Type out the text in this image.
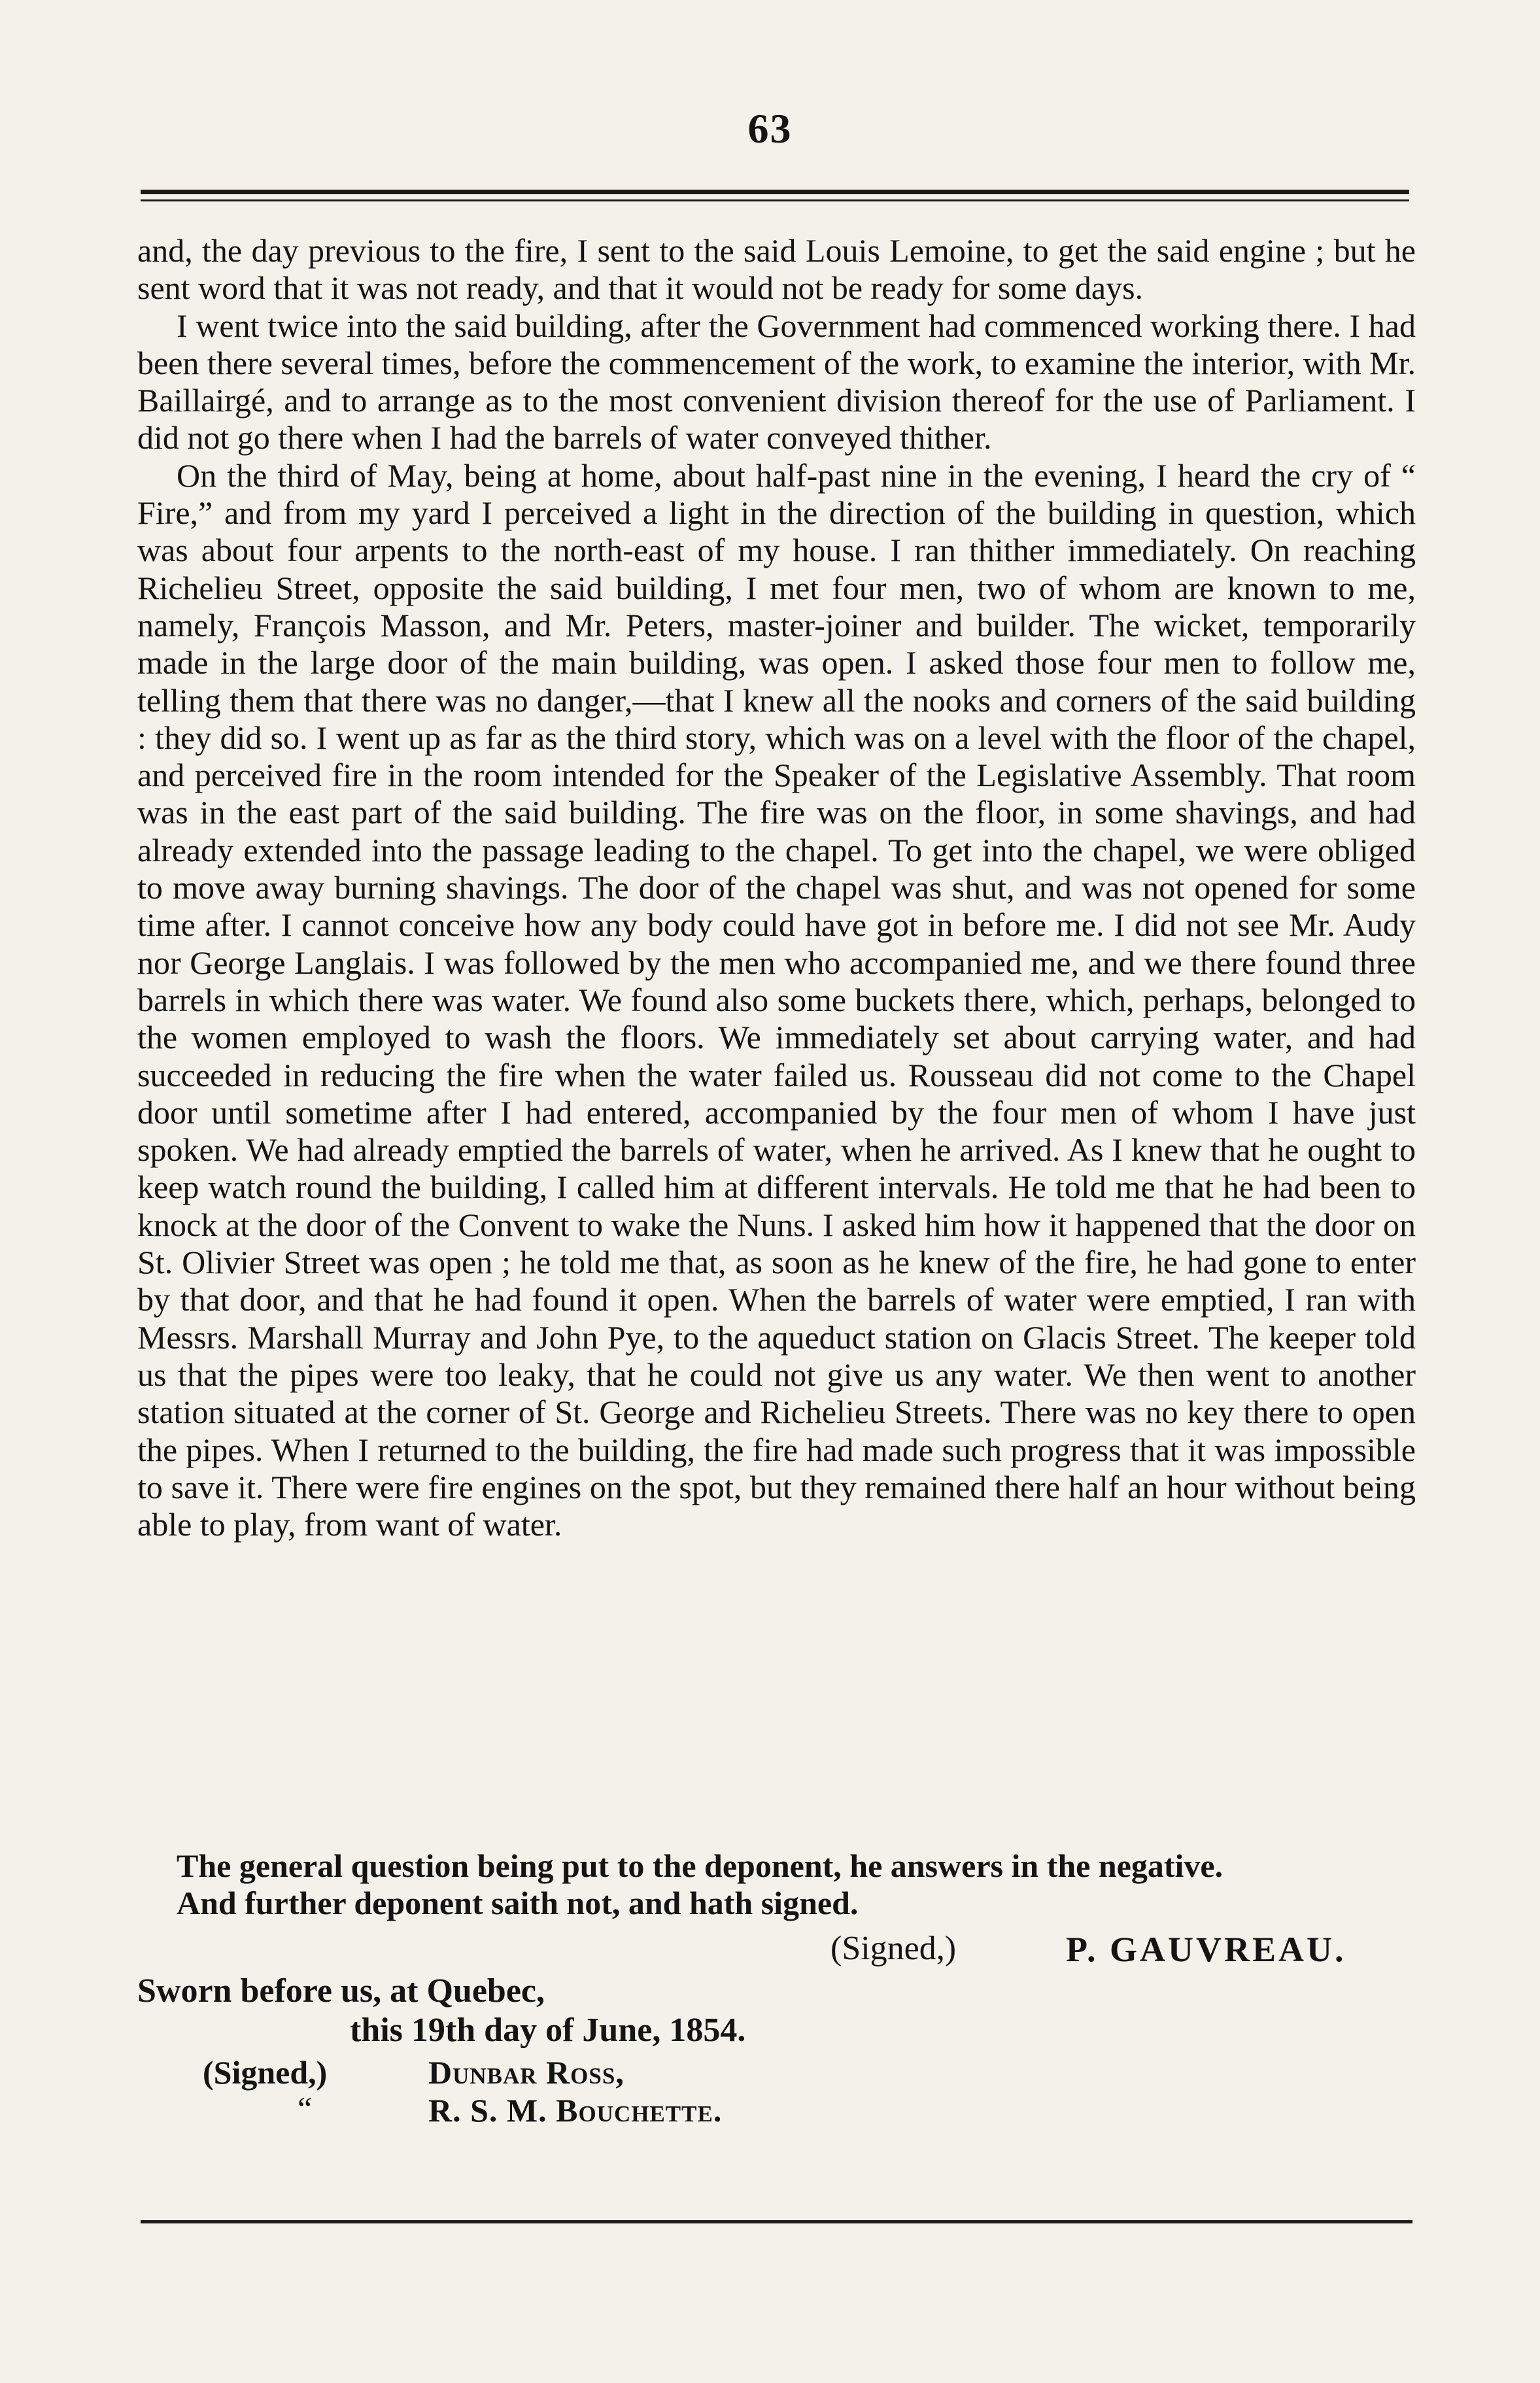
63

and, the day previous to the fire, I sent to the said Louis Lemoine, to get the said engine ; but he sent word that it was not ready, and that it would not be ready for some days.

I went twice into the said building, after the Government had commenced working there. I had been there several times, before the commencement of the work, to examine the interior, with Mr. Baillairgé, and to arrange as to the most convenient division thereof for the use of Parliament. I did not go there when I had the barrels of water conveyed thither.

On the third of May, being at home, about half-past nine in the evening, I heard the cry of “ Fire,” and from my yard I perceived a light in the direction of the building in question, which was about four arpents to the north-east of my house. I ran thither immediately. On reaching Richelieu Street, opposite the said building, I met four men, two of whom are known to me, namely, François Masson, and Mr. Peters, master-joiner and builder. The wicket, temporarily made in the large door of the main building, was open. I asked those four men to follow me, telling them that there was no danger,—that I knew all the nooks and corners of the said building : they did so. I went up as far as the third story, which was on a level with the floor of the chapel, and perceived fire in the room intended for the Speaker of the Legislative Assembly. That room was in the east part of the said building. The fire was on the floor, in some shavings, and had already extended into the passage leading to the chapel. To get into the chapel, we were obliged to move away burning shavings. The door of the chapel was shut, and was not opened for some time after. I cannot conceive how any body could have got in before me. I did not see Mr. Audy nor George Langlais. I was followed by the men who accompanied me, and we there found three barrels in which there was water. We found also some buckets there, which, perhaps, belonged to the women employed to wash the floors. We immediately set about carrying water, and had succeeded in reducing the fire when the water failed us. Rousseau did not come to the Chapel door until sometime after I had entered, accompanied by the four men of whom I have just spoken. We had already emptied the barrels of water, when he arrived. As I knew that he ought to keep watch round the building, I called him at different intervals. He told me that he had been to knock at the door of the Convent to wake the Nuns. I asked him how it happened that the door on St. Olivier Street was open ; he told me that, as soon as he knew of the fire, he had gone to enter by that door, and that he had found it open. When the barrels of water were emptied, I ran with Messrs. Marshall Murray and John Pye, to the aqueduct station on Glacis Street. The keeper told us that the pipes were too leaky, that he could not give us any water. We then went to another station situated at the corner of St. George and Richelieu Streets. There was no key there to open the pipes. When I returned to the building, the fire had made such progress that it was impossible to save it. There were fire engines on the spot, but they remained there half an hour without being able to play, from want of water.

The general question being put to the deponent, he answers in the negative.

And further deponent saith not, and hath signed.

(Signed,)	P. GAUVREAU.
Sworn before us, at Quebec,
this 19th day of June, 1854.
(Signed,)
“
Dunbar Ross,
R. S. M. Bouchette.
